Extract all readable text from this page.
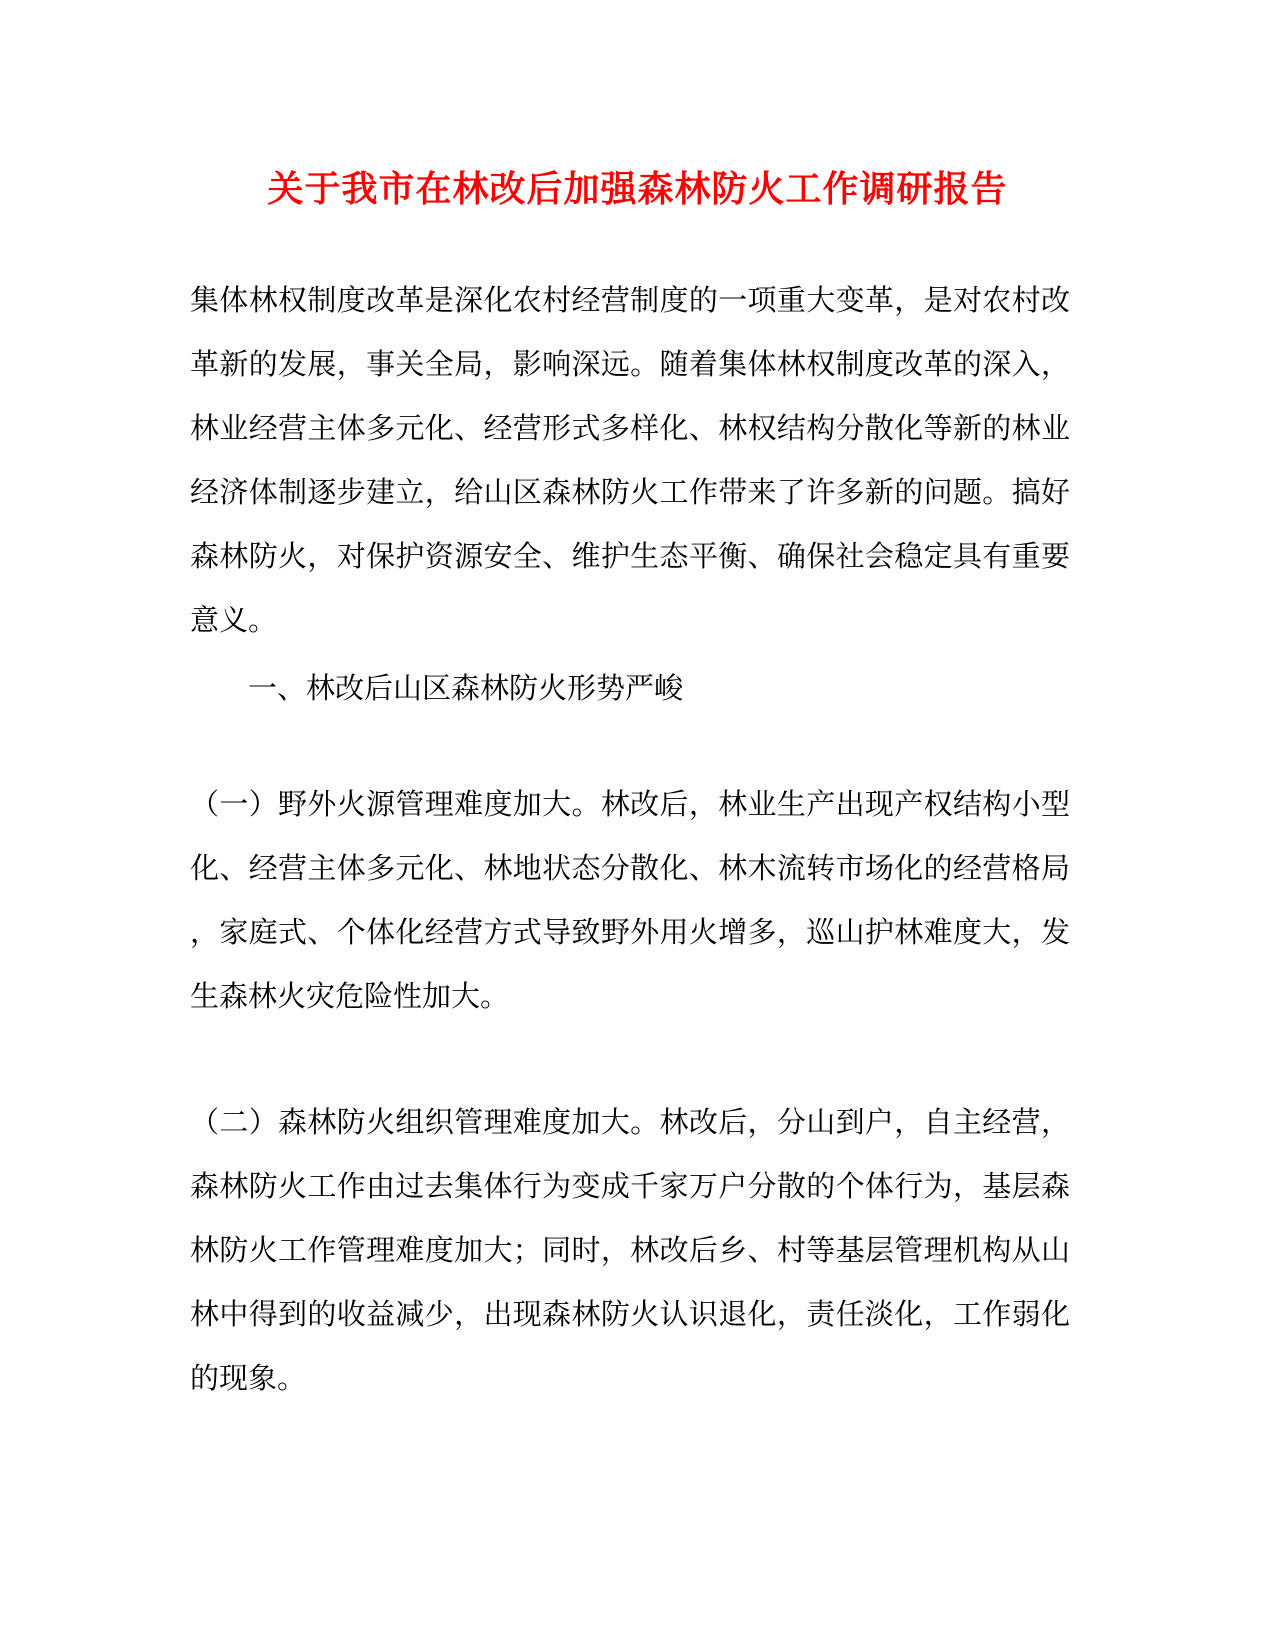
关于我市在林改后加强森林防火工作调研报告
集体林权制度改革是深化农村经营制度的一项重大变革，是对农村改
革新的发展，事关全局，影响深远。随着集体林权制度改革的深入，
林业经营主体多元化、经营形式多样化、林权结构分散化等新的林业
经济体制逐步建立，给山区森林防火工作带来了许多新的问题。搞好
森林防火，对保护资源安全、维护生态平衡、确保社会稳定具有重要
意义。
一、林改后山区森林防火形势严峻
（一）野外火源管理难度加大。林改后，林业生产出现产权结构小型
化、经营主体多元化、林地状态分散化、林木流转市场化的经营格局
，家庭式、个体化经营方式导致野外用火增多，巡山护林难度大，发
生森林火灾危险性加大。
（二）森林防火组织管理难度加大。林改后，分山到户，自主经营，
森林防火工作由过去集体行为变成千家万户分散的个体行为，基层森
林防火工作管理难度加大；同时，林改后乡、村等基层管理机构从山
林中得到的收益减少，出现森林防火认识退化，责任淡化，工作弱化
的现象。
